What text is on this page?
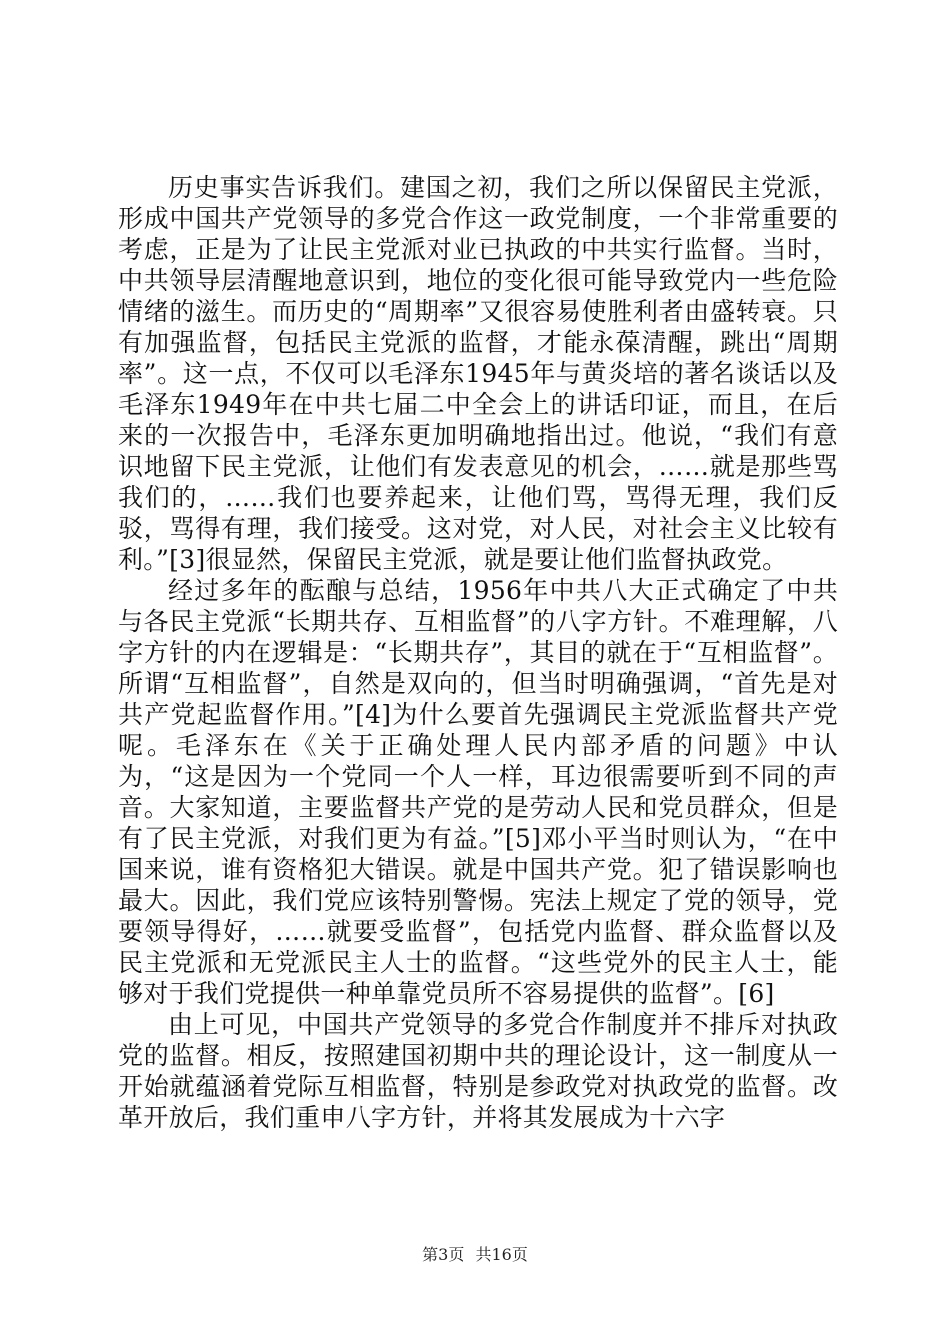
历史事实告诉我们。建国之初，我们之所以保留民主党派，形成中国共产党领导的多党合作这一政党制度，一个非常重要的考虑，正是为了让民主党派对业已执政的中共实行监督。当时，中共领导层清醒地意识到，地位的变化很可能导致党内一些危险情绪的滋生。而历史的“周期率”又很容易使胜利者由盛转衰。只有加强监督，包括民主党派的监督，才能永葆清醒，跳出“周期率”。这一点，不仅可以毛泽东1945年与黄炎培的著名谈话以及毛泽东1949年在中共七届二中全会上的讲话印证，而且，在后来的一次报告中，毛泽东更加明确地指出过。他说，“我们有意识地留下民主党派，让他们有发表意见的机会，……就是那些骂我们的，……我们也要养起来，让他们骂，骂得无理，我们反驳，骂得有理，我们接受。这对党，对人民，对社会主义比较有利。”[3]很显然，保留民主党派，就是要让他们监督执政党。

经过多年的酝酿与总结，1956年中共八大正式确定了中共与各民主党派“长期共存、互相监督”的八字方针。不难理解，八字方针的内在逻辑是：“长期共存”，其目的就在于“互相监督”。所谓“互相监督”，自然是双向的，但当时明确强调，“首先是对共产党起监督作用。”[4]为什么要首先强调民主党派监督共产党呢。毛泽东在《关于正确处理人民内部矛盾的问题》中认为，“这是因为一个党同一个人一样，耳边很需要听到不同的声音。大家知道，主要监督共产党的是劳动人民和党员群众，但是有了民主党派，对我们更为有益。”[5]邓小平当时则认为，“在中国来说，谁有资格犯大错误。就是中国共产党。犯了错误影响也最大。因此，我们党应该特别警惕。宪法上规定了党的领导，党要领导得好，……就要受监督”，包括党内监督、群众监督以及民主党派和无党派民主人士的监督。“这些党外的民主人士，能够对于我们党提供一种单靠党员所不容易提供的监督”。[6]

由上可见，中国共产党领导的多党合作制度并不排斥对执政党的监督。相反，按照建国初期中共的理论设计，这一制度从一开始就蕴涵着党际互相监督，特别是参政党对执政党的监督。改革开放后，我们重申八字方针，并将其发展成为十六字

第3页 共16页
